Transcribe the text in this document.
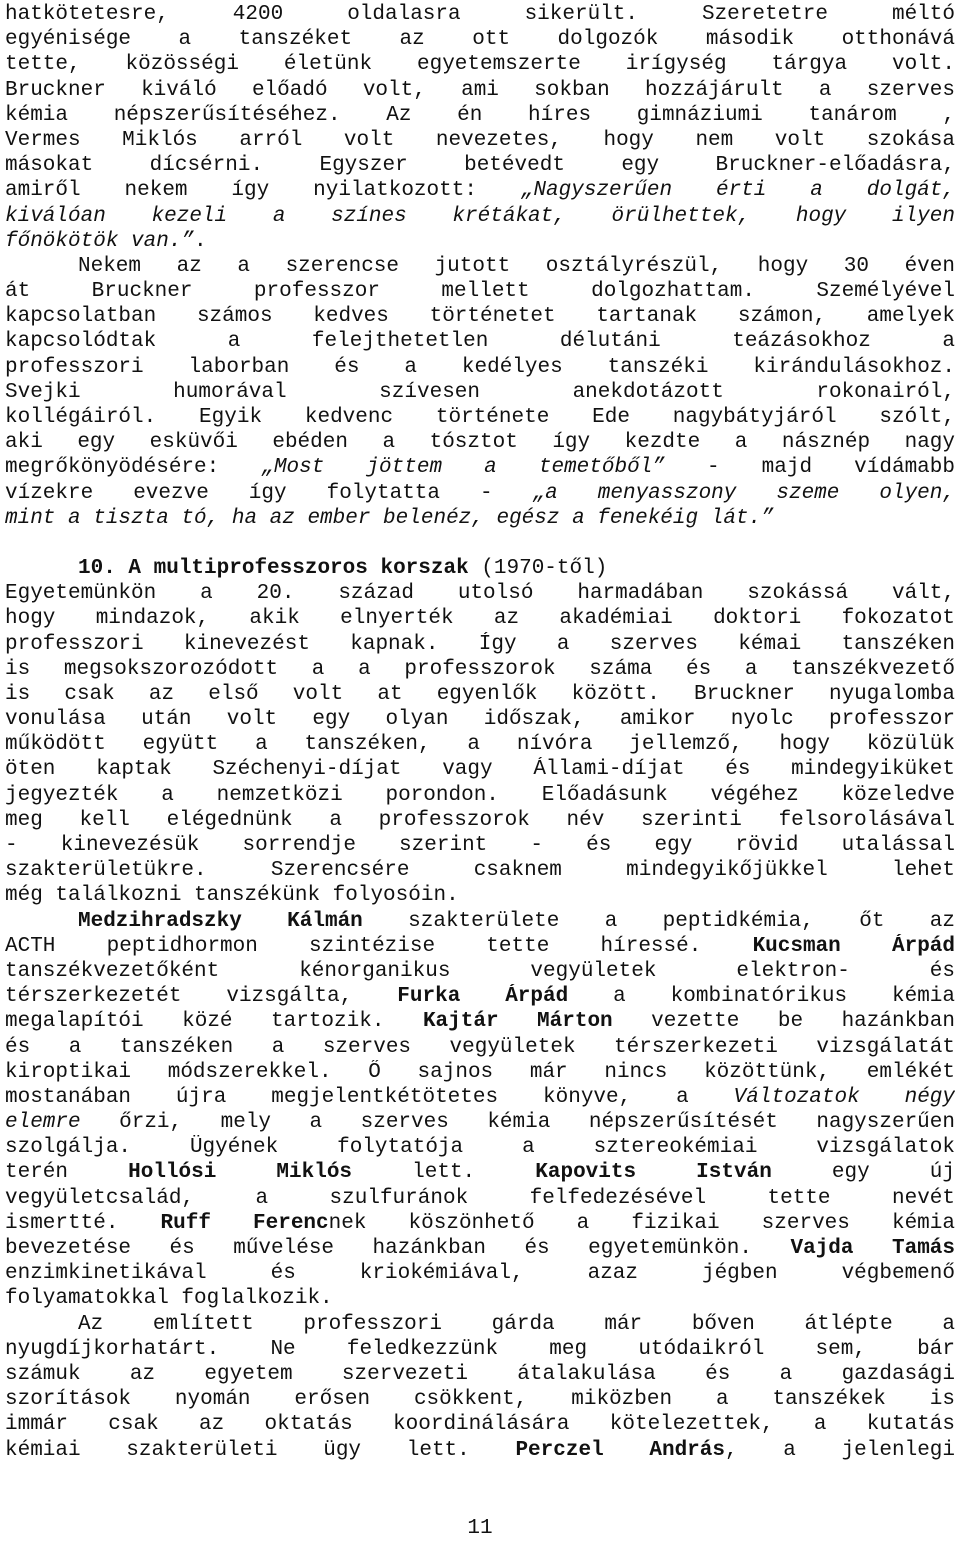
hatkötetesre, 4200 oldalasra sikerült. Szeretetre méltó
egyénisége a tanszéket az ott dolgozók második otthonává
tette, közösségi életünk egyetemszerte irígység tárgya volt.
Bruckner kiváló előadó volt, ami sokban hozzájárult a szerves
kémia népszerűsítéséhez. Az én híres gimnáziumi tanárom ,
Vermes Miklós arról volt nevezetes, hogy nem volt szokása
másokat dícsérni. Egyszer betévedt egy Bruckner-előadásra,
amiről nekem így nyilatkozott: „Nagyszerűen érti a dolgát,
kiválóan kezeli a színes krétákat, örülhettek, hogy ilyen
főnökötök van.”.
Nekem az a szerencse jutott osztályrészül, hogy 30 éven
át Bruckner professzor mellett dolgozhattam. Személyével
kapcsolatban számos kedves történetet tartanak számon, amelyek
kapcsolódtak a felejthetetlen délutáni teázásokhoz a
professzori laborban és a kedélyes tanszéki kirándulásokhoz.
Svejki humorával szívesen anekdotázott rokonairól,
kollégáiról. Egyik kedvenc története Ede nagybátyjáról szólt,
aki egy esküvői ebéden a tósztot így kezdte a násznép nagy
megrőkönyödésére: „Most jöttem a temetőből” - majd vídámabb
vízekre evezve így folytatta - „a menyasszony szeme olyen,
mint a tiszta tó, ha az ember belenéz, egész a fenekéig lát.”
10. A multiprofesszoros korszak (1970-től)
Egyetemünkön a 20. század utolsó harmadában szokássá vált,
hogy mindazok, akik elnyerték az akadémiai doktori fokozatot
professzori kinevezést kapnak. Így a szerves kémai tanszéken
is megsokszorozódott a a professzorok száma és a tanszékvezető
is csak az első volt at egyenlők között. Bruckner nyugalomba
vonulása után volt egy olyan időszak, amikor nyolc professzor
működött együtt a tanszéken, a nívóra jellemző, hogy közülük
öten kaptak Széchenyi-díjat vagy Állami-díjat és mindegyiküket
jegyezték a nemzetközi porondon. Előadásunk végéhez közeledve
meg kell elégednünk a professzorok név szerinti felsorolásával
- kinevezésük sorrendje szerint - és egy rövid utalással
szakterületükre. Szerencsére csaknem mindegyikőjükkel lehet
még találkozni tanszékünk folyosóin.
Medzihradszky Kálmán szakterülete a peptidkémia, őt az
ACTH peptidhormon szintézise tette híressé. Kucsman Árpád
tanszékvezetőként kénorganikus vegyületek elektron- és
térszerkezetét vizsgálta, Furka Árpád a kombinatórikus kémia
megalapítói közé tartozik. Kajtár Márton vezette be hazánkban
és a tanszéken a szerves vegyületek térszerkezeti vizsgálatát
kiroptikai módszerekkel. Ő sajnos már nincs közöttünk, emlékét
mostanában újra megjelentkétötetes könyve, a Változatok négy
elemre őrzi, mely a szerves kémia népszerűsítését nagyszerűen
szolgálja. Ügyének folytatója a sztereokémiai vizsgálatok
terén Hollósi Miklós lett. Kapovits István egy új
vegyületcsalád, a szulfuránok felfedezésével tette nevét
ismertté. Ruff Ferencnek köszönhető a fizikai szerves kémia
bevezetése és művelése hazánkban és egyetemünkön. Vajda Tamás
enzimkinetikával és kriokémiával, azaz jégben végbemenő
folyamatokkal foglalkozik.
Az említett professzori gárda már bőven átlépte a
nyugdíjkorhatárt. Ne feledkezzünk meg utódaikról sem, bár
számuk az egyetem szervezeti átalakulása és a gazdasági
szorítások nyomán erősen csökkent, miközben a tanszékek is
immár csak az oktatás koordinálására kötelezettek, a kutatás
kémiai szakterületi ügy lett. Perczel András, a jelenlegi
11
